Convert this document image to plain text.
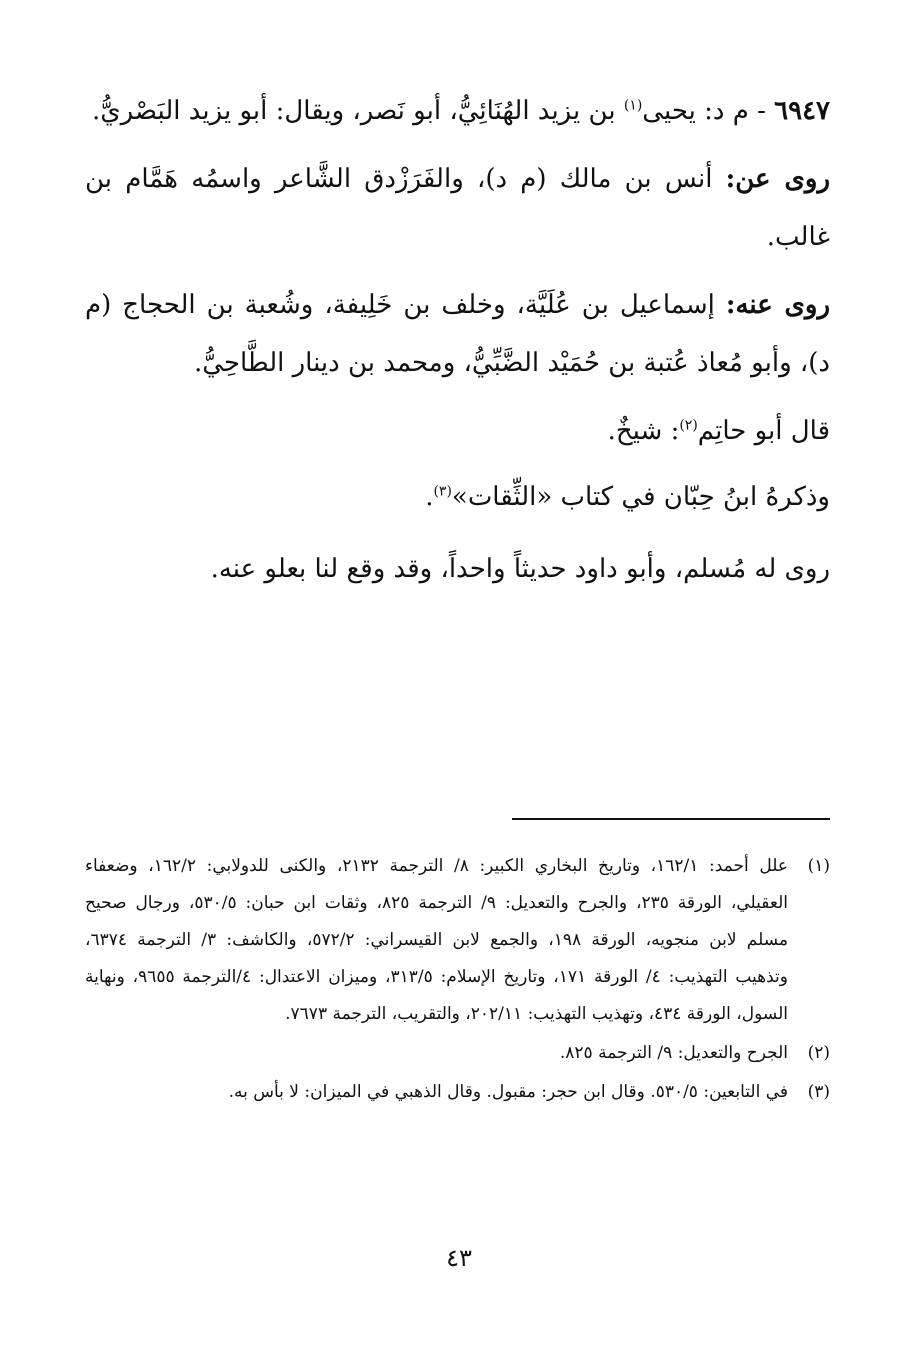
٦٩٤٧ - م د: يحيى$^{(١)}$ بن يزيد الهُنَائِيُّ، أبو نَصر، ويقال: أبو يزيد البَصْريُّ.

روى عن: أنس بن مالك (م د)، والفَرَزْدق الشَّاعر واسمُه هَمَّام بن غالب.

روى عنه: إسماعيل بن عُلَيَّة، وخلف بن خَلِيفة، وشُعبة بن الحجاج (م د)، وأبو مُعاذ عُتبة بن حُمَيْد الضَّبِّيُّ، ومحمد بن دينار الطَّاحِيُّ.

قال أبو حاتِم$^{(٢)}$: شيخٌ.

وذكرهُ ابنُ حِبّان في كتاب «الثِّقات»$^{(٣)}$.

روى له مُسلم، وأبو داود حديثاً واحداً، وقد وقع لنا بعلو عنه.

(١)
علل أحمد: ١٦٢/١، وتاريخ البخاري الكبير: ٨/ الترجمة ٢١٣٢، والكنى للدولابي: ١٦٢/٢، وضعفاء العقيلي، الورقة ٢٣٥، والجرح والتعديل: ٩/ الترجمة ٨٢٥، وثقات ابن حبان: ٥٣٠/٥، ورجال صحيح مسلم لابن منجويه، الورقة ١٩٨، والجمع لابن القيسراني: ٥٧٢/٢، والكاشف: ٣/ الترجمة ٦٣٧٤، وتذهيب التهذيب: ٤/ الورقة ١٧١، وتاريخ الإسلام: ٣١٣/٥، وميزان الاعتدال: ٤/الترجمة ٩٦٥٥، ونهاية السول، الورقة ٤٣٤، وتهذيب التهذيب: ٢٠٢/١١، والتقريب، الترجمة ٧٦٧٣.
(٢)
الجرح والتعديل: ٩/ الترجمة ٨٢٥.
(٣)
في التابعين: ٥٣٠/٥. وقال ابن حجر: مقبول. وقال الذهبي في الميزان: لا بأس به.
٤٣
